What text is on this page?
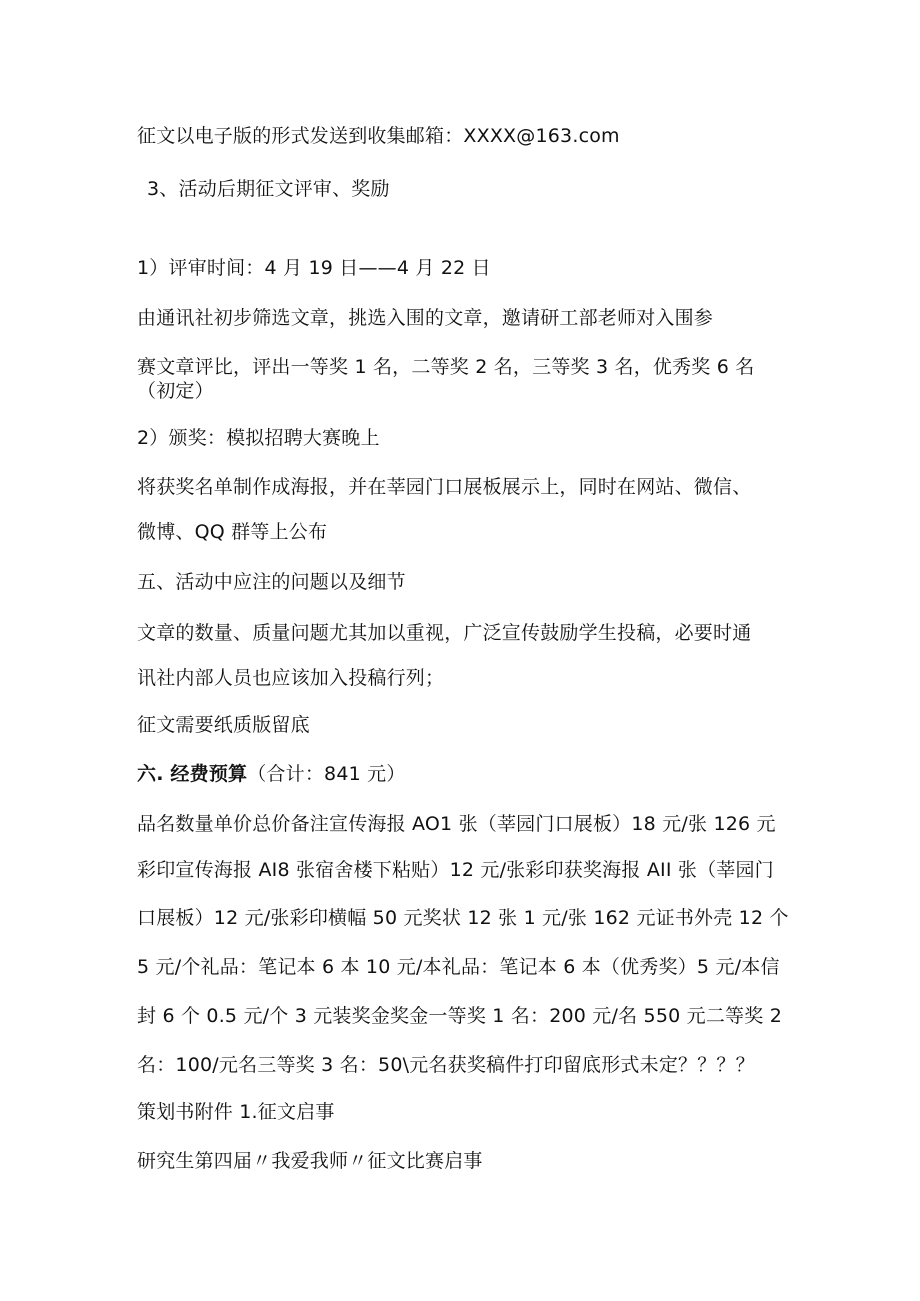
征文以电子版的形式发送到收集邮箱：XXXX@163.com
3、活动后期征文评审、奖励
1）评审时间：4 月 19 日——4 月 22 日
由通讯社初步筛选文章，挑选入围的文章，邀请研工部老师对入围参
赛文章评比，评出一等奖 1 名，二等奖 2 名，三等奖 3 名，优秀奖 6 名（初定）
2）颁奖：模拟招聘大赛晚上
将获奖名单制作成海报，并在莘园门口展板展示上，同时在网站、微信、
微博、QQ 群等上公布
五、活动中应注的问题以及细节
文章的数量、质量问题尤其加以重视，广泛宣传鼓励学生投稿，必要时通
讯社内部人员也应该加入投稿行列；
征文需要纸质版留底
六. 经费预算（合计：841 元）
品名数量单价总价备注宣传海报 AO1 张（莘园门口展板）18 元/张 126 元
彩印宣传海报 AI8 张宿舍楼下粘贴）12 元/张彩印获奖海报 AII 张（莘园门
口展板）12 元/张彩印横幅 50 元奖状 12 张 1 元/张 162 元证书外壳 12 个
5 元/个礼品：笔记本 6 本 10 元/本礼品：笔记本 6 本（优秀奖）5 元/本信
封 6 个 0.5 元/个 3 元装奖金奖金一等奖 1 名：200 元/名 550 元二等奖 2
名：100/元名三等奖 3 名：50\元名获奖稿件打印留底形式未定？？？？
策划书附件 1.征文启事
研究生第四届〃我爱我师〃征文比赛启事
